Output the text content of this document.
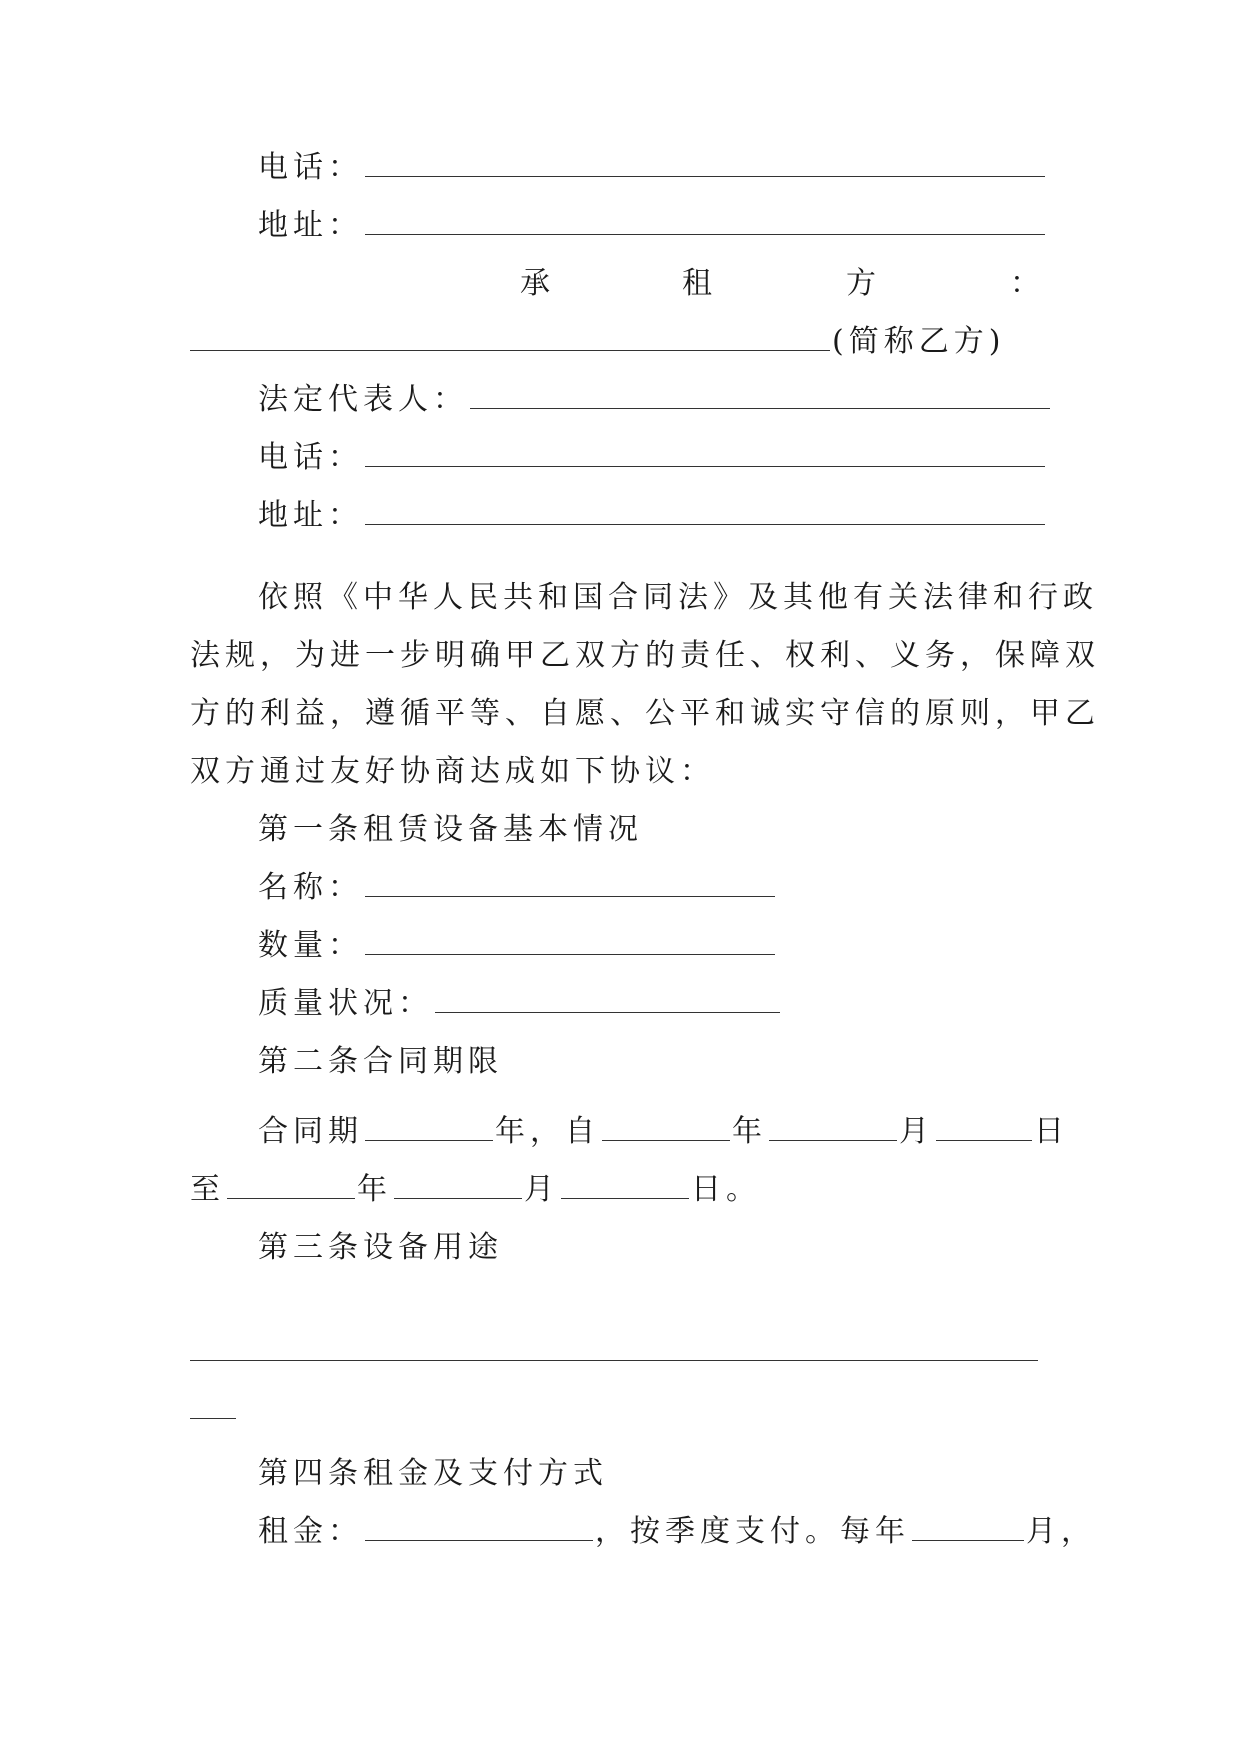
电话：
地址：
承	租	方	：
(简称乙方)
法定代表人：
电话：
地址：
依照《中华人民共和国合同法》及其他有关法律和行政
法规，为进一步明确甲乙双方的责任、权利、义务，保障双
方的利益，遵循平等、自愿、公平和诚实守信的原则，甲乙
双方通过友好协商达成如下协议：
第一条租赁设备基本情况
名称：
数量：
质量状况：
第二条合同期限
合同期	年，自	年	月	日
至	年	月	日。
第三条设备用途
第四条租金及支付方式
租金：	，按季度支付。每年	月，
